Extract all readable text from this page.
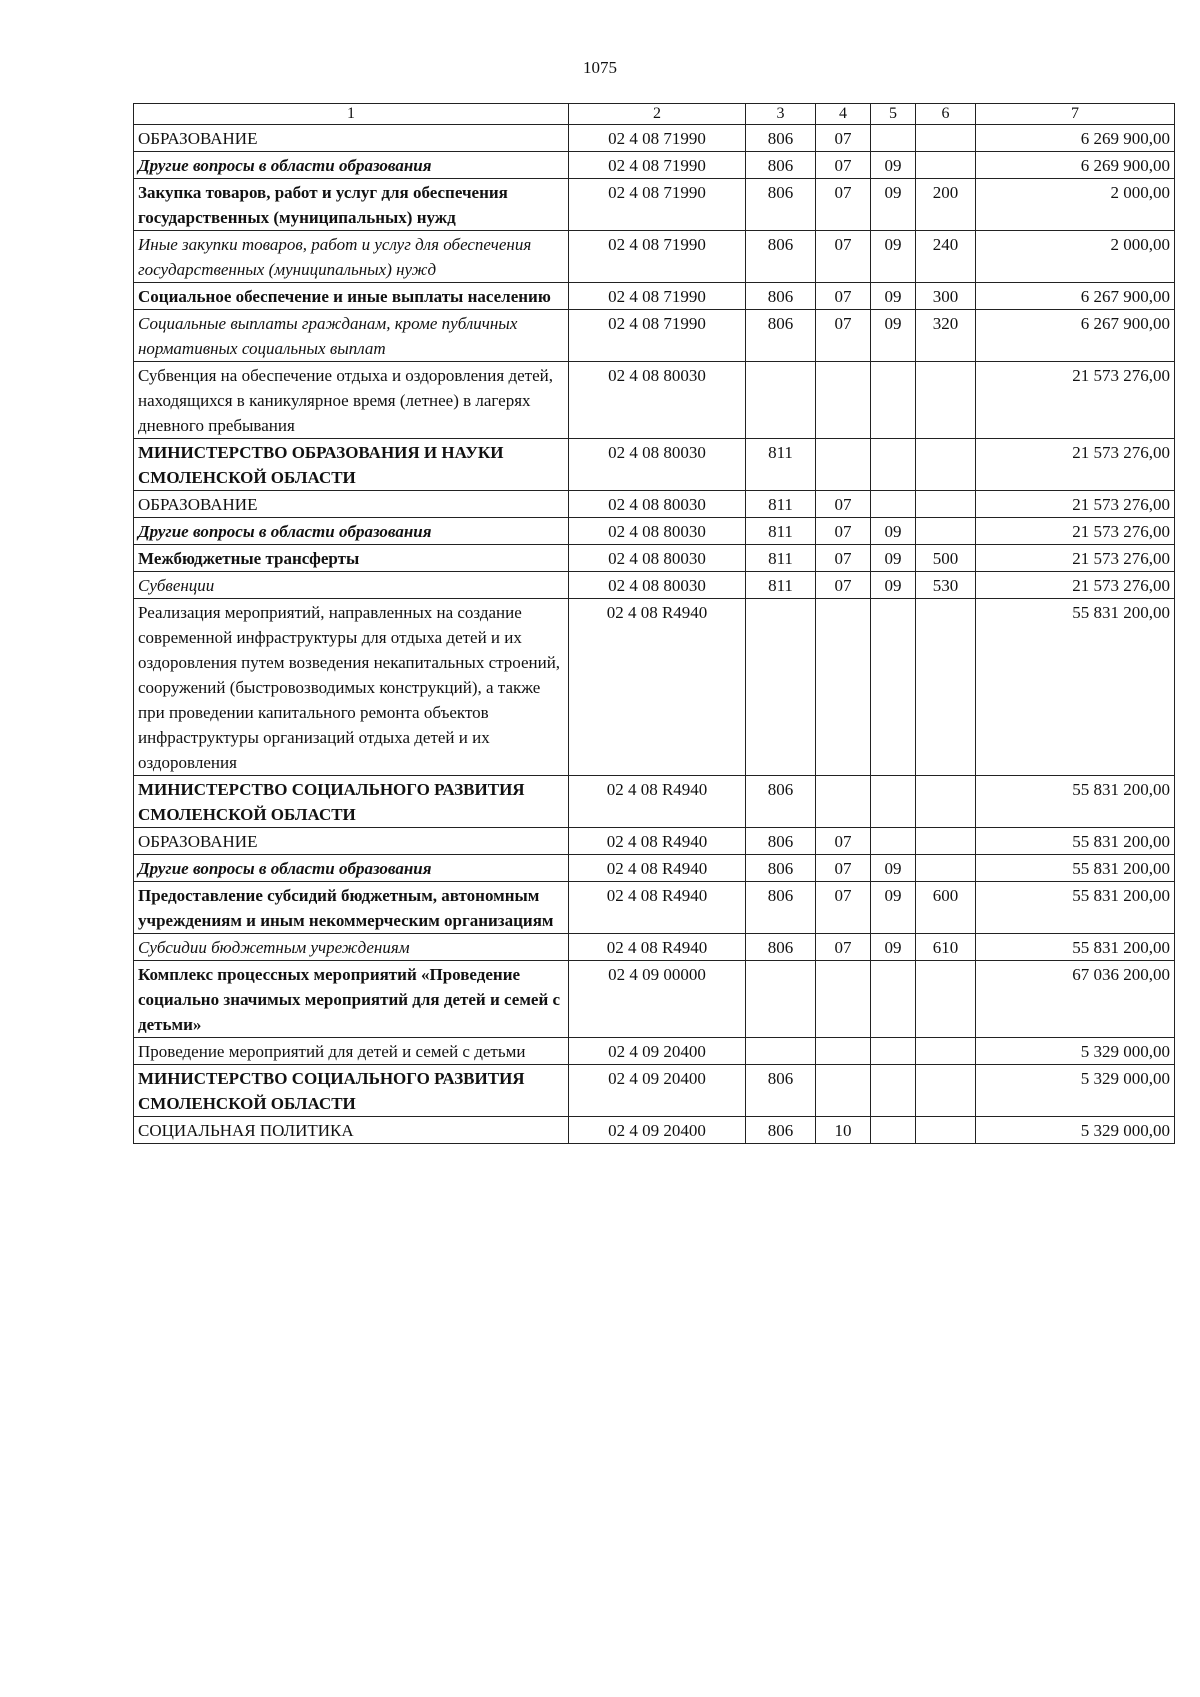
1075
1	2	3	4	5	6	7
ОБРАЗОВАНИЕ	02 4 08 71990	806	07			6 269 900,00
Другие вопросы в области образования	02 4 08 71990	806	07	09		6 269 900,00
Закупка товаров, работ и услуг для обеспечения государственных (муниципальных) нужд	02 4 08 71990	806	07	09	200	2 000,00
Иные закупки товаров, работ и услуг для обеспечения государственных (муниципальных) нужд	02 4 08 71990	806	07	09	240	2 000,00
Социальное обеспечение и иные выплаты населению	02 4 08 71990	806	07	09	300	6 267 900,00
Социальные выплаты гражданам, кроме публичных нормативных социальных выплат	02 4 08 71990	806	07	09	320	6 267 900,00
Субвенция на обеспечение отдыха и оздоровления детей, находящихся в каникулярное время (летнее) в лагерях дневного пребывания	02 4 08 80030					21 573 276,00
МИНИСТЕРСТВО ОБРАЗОВАНИЯ И НАУКИ СМОЛЕНСКОЙ ОБЛАСТИ	02 4 08 80030	811				21 573 276,00
ОБРАЗОВАНИЕ	02 4 08 80030	811	07			21 573 276,00
Другие вопросы в области образования	02 4 08 80030	811	07	09		21 573 276,00
Межбюджетные трансферты	02 4 08 80030	811	07	09	500	21 573 276,00
Субвенции	02 4 08 80030	811	07	09	530	21 573 276,00
Реализация мероприятий, направленных на создание современной инфраструктуры для отдыха детей и их оздоровления путем возведения некапитальных строений, сооружений (быстровозводимых конструкций), а также при проведении капитального ремонта объектов инфраструктуры организаций отдыха детей и их оздоровления	02 4 08 R4940					55 831 200,00
МИНИСТЕРСТВО СОЦИАЛЬНОГО РАЗВИТИЯ СМОЛЕНСКОЙ ОБЛАСТИ	02 4 08 R4940	806				55 831 200,00
ОБРАЗОВАНИЕ	02 4 08 R4940	806	07			55 831 200,00
Другие вопросы в области образования	02 4 08 R4940	806	07	09		55 831 200,00
Предоставление субсидий бюджетным, автономным учреждениям и иным некоммерческим организациям	02 4 08 R4940	806	07	09	600	55 831 200,00
Субсидии бюджетным учреждениям	02 4 08 R4940	806	07	09	610	55 831 200,00
Комплекс процессных мероприятий «Проведение социально значимых мероприятий для детей и семей с детьми»	02 4 09 00000					67 036 200,00
Проведение мероприятий для детей и семей с детьми	02 4 09 20400					5 329 000,00
МИНИСТЕРСТВО СОЦИАЛЬНОГО РАЗВИТИЯ СМОЛЕНСКОЙ ОБЛАСТИ	02 4 09 20400	806				5 329 000,00
СОЦИАЛЬНАЯ ПОЛИТИКА	02 4 09 20400	806	10			5 329 000,00
